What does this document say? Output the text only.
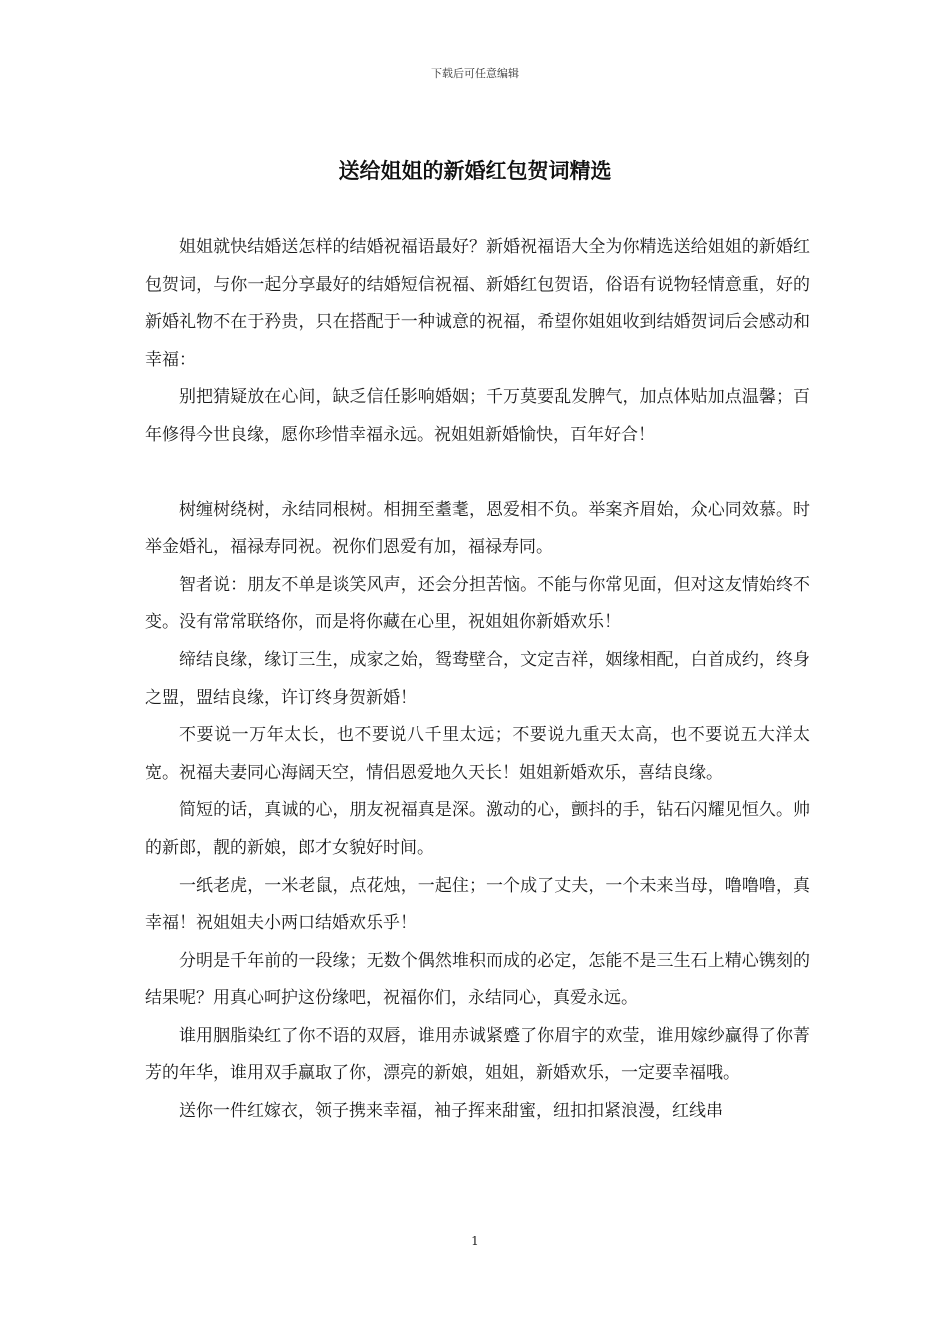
下载后可任意编辑
送给姐姐的新婚红包贺词精选

姐姐就快结婚送怎样的结婚祝福语最好？新婚祝福语大全为你精选送给姐姐的新婚红包贺词，与你一起分享最好的结婚短信祝福、新婚红包贺语，俗语有说物轻情意重，好的新婚礼物不在于矜贵，只在搭配于一种诚意的祝福，希望你姐姐收到结婚贺词后会感动和幸福：

别把猜疑放在心间，缺乏信任影响婚姻；千万莫要乱发脾气，加点体贴加点温馨；百年修得今世良缘，愿你珍惜幸福永远。祝姐姐新婚愉快，百年好合！

树缠树绕树，永结同根树。相拥至耋耄，恩爱相不负。举案齐眉始，众心同效慕。时举金婚礼，福禄寿同祝。祝你们恩爱有加，福禄寿同。

智者说：朋友不单是谈笑风声，还会分担苦恼。不能与你常见面，但对这友情始终不变。没有常常联络你，而是将你藏在心里，祝姐姐你新婚欢乐！

缔结良缘，缘订三生，成家之始，鸳鸯壁合，文定吉祥，姻缘相配，白首成约，终身之盟，盟结良缘，许订终身贺新婚！

不要说一万年太长，也不要说八千里太远；不要说九重天太高，也不要说五大洋太宽。祝福夫妻同心海阔天空，情侣恩爱地久天长！姐姐新婚欢乐，喜结良缘。

简短的话，真诚的心，朋友祝福真是深。激动的心，颤抖的手，钻石闪耀见恒久。帅的新郎，靓的新娘，郎才女貌好时间。

一纸老虎，一米老鼠，点花烛，一起住；一个成了丈夫，一个未来当母，噜噜噜，真幸福！祝姐姐夫小两口结婚欢乐乎！

分明是千年前的一段缘；无数个偶然堆积而成的必定，怎能不是三生石上精心镌刻的结果呢？用真心呵护这份缘吧，祝福你们，永结同心，真爱永远。

谁用胭脂染红了你不语的双唇，谁用赤诚紧蹙了你眉宇的欢莹，谁用嫁纱赢得了你菁芳的年华，谁用双手赢取了你，漂亮的新娘，姐姐，新婚欢乐，一定要幸福哦。

送你一件红嫁衣，领子携来幸福，袖子挥来甜蜜，纽扣扣紧浪漫，红线串

1
